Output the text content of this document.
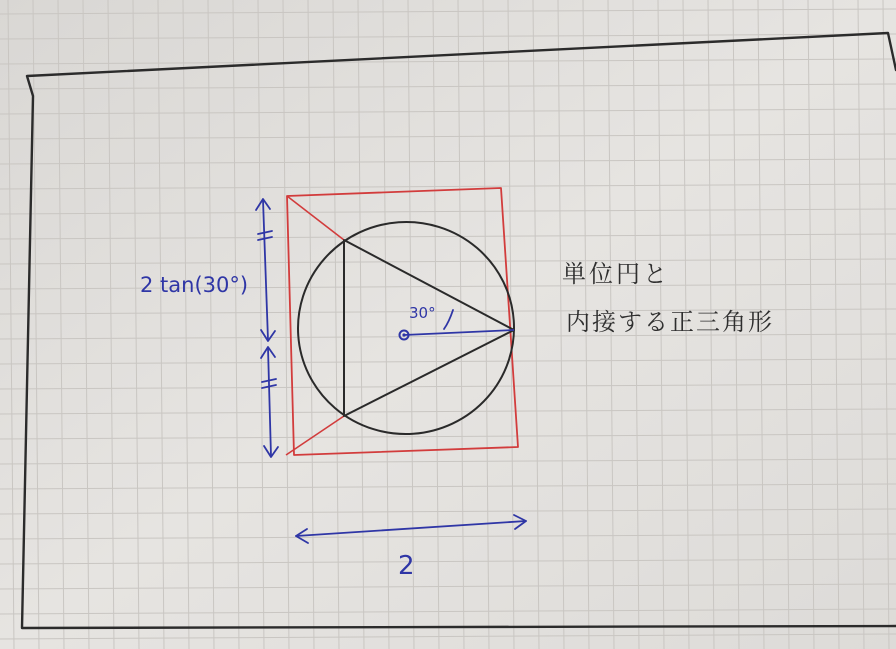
30°
2 tan(30°)
2
単位円と
内接する正三角形
